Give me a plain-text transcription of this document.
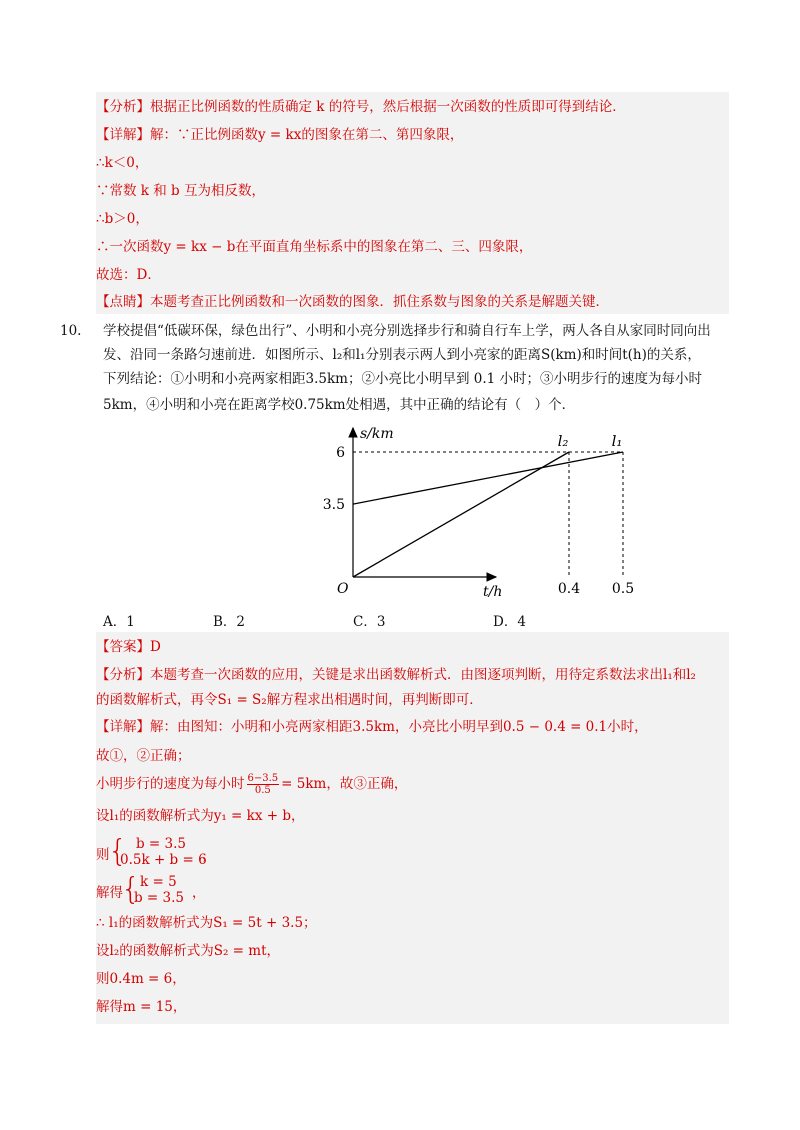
【分析】根据正比例函数的性质确定 k 的符号，然后根据一次函数的性质即可得到结论．
【详解】解：∵正比例函数y = kx的图象在第二、第四象限，
∴k＜0，
∵常数 k 和 b 互为相反数，
∴b＞0，
∴一次函数y = kx − b在平面直角坐标系中的图象在第二、三、四象限，
故选：D．
【点睛】本题考查正比例函数和一次函数的图象．抓住系数与图象的关系是解题关键．
10.	学校提倡“低碳环保，绿色出行”、小明和小亮分别选择步行和骑自行车上学，两人各自从家同时同向出
发、沿同一条路匀速前进．如图所示、l₂和l₁分别表示两人到小亮家的距离S(km)和时间t(h)的关系，
下列结论：①小明和小亮两家相距3.5km；②小亮比小明早到 0.1 小时；③小明步行的速度为每小时
5km，④小明和小亮在距离学校0.75km处相遇，其中正确的结论有（　）个．
s/km
t/h
O
3.5
6
0.4 0.5
l₁
l₂
A．1	B．2	C．3	D．4
【答案】D
【分析】本题考查一次函数的应用，关键是求出函数解析式．由图逐项判断，用待定系数法求出l₁和l₂
的函数解析式，再令S₁ = S₂解方程求出相遇时间，再判断即可．
【详解】解：由图知：小明和小亮两家相距3.5km，小亮比小明早到0.5 − 0.4 = 0.1小时，
故①，②正确；
小明步行的速度为每小时 $\frac{6-3.5}{0.5} = 5km$，故③正确，
设l₁的函数解析式为y₁ = kx + b，
则
{ b = 3.5
0.5k + b = 6
，
解得
{ k = 5
b = 3.5 ，
∴ l₁的函数解析式为S₁ = 5t + 3.5；
设l₂的函数解析式为S₂ = mt，
则0.4m = 6，
解得m = 15，
